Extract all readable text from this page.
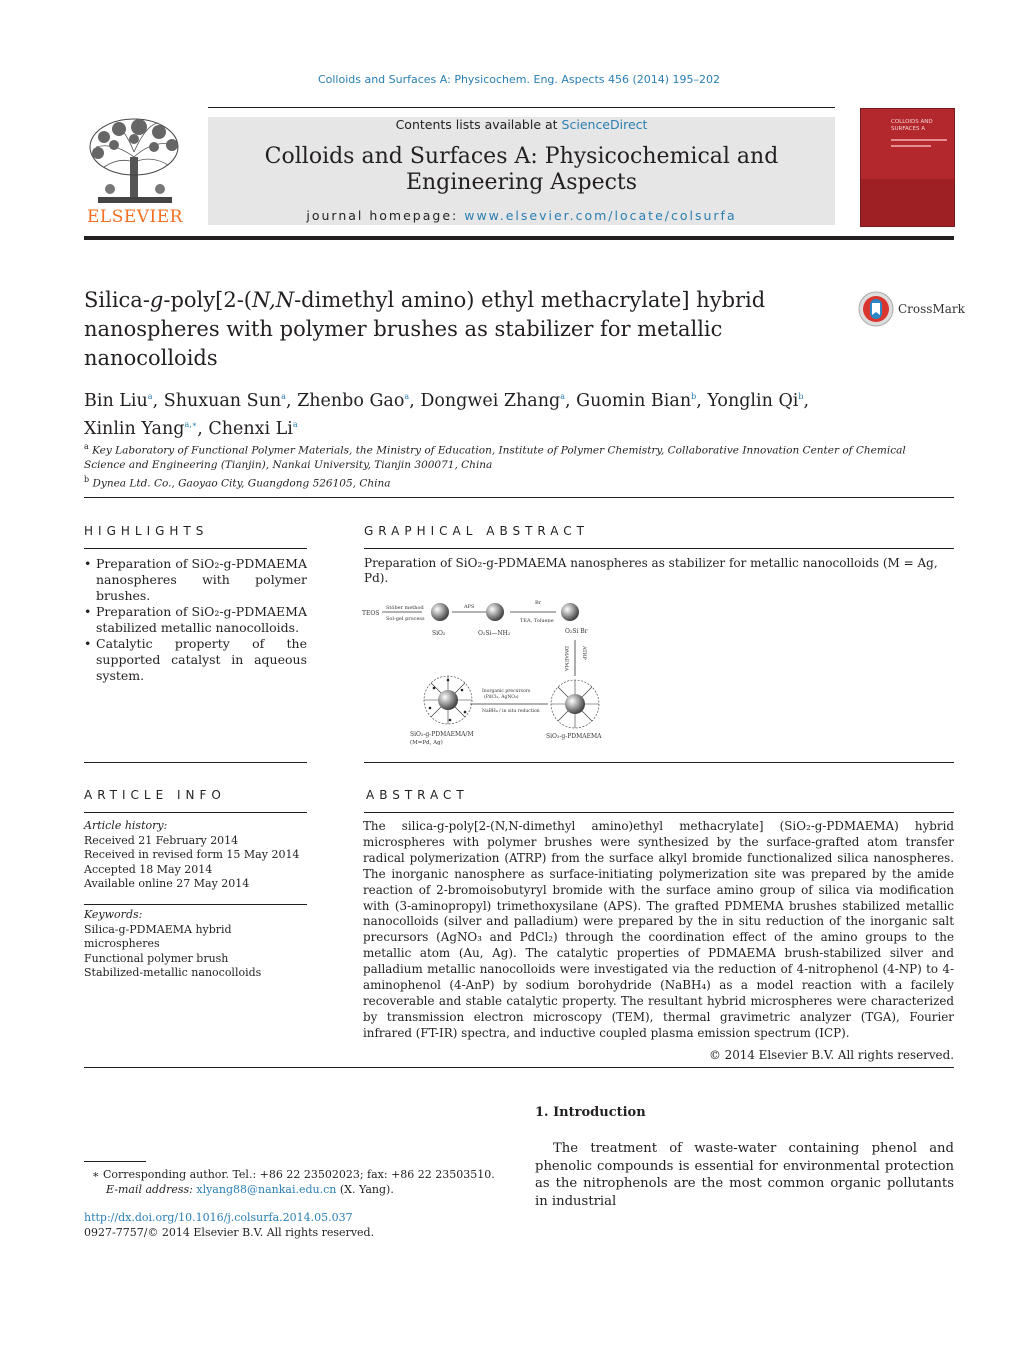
Colloids and Surfaces A: Physicochem. Eng. Aspects 456 (2014) 195–202
ELSEVIER
Contents lists available at ScienceDirect
Colloids and Surfaces A: Physicochemical and
Engineering Aspects
journal homepage: www.elsevier.com/locate/colsurfa
COLLOIDS AND SURFACES A
Silica-g-poly[2-(N,N-dimethyl amino) ethyl methacrylate] hybrid
nanospheres with polymer brushes as stabilizer for metallic
nanocolloids
CrossMark
Bin Liu$^a$, Shuxuan Sun$^a$, Zhenbo Gao$^a$, Dongwei Zhang$^a$, Guomin Bian$^b$, Yonglin Qi$^b$,
Xinlin Yang$^{a,∗}$, Chenxi Li$^a$
$^a$ Key Laboratory of Functional Polymer Materials, the Ministry of Education, Institute of Polymer Chemistry, Collaborative Innovation Center of Chemical
Science and Engineering (Tianjin), Nankai University, Tianjin 300071, China
$^b$ Dynea Ltd. Co., Gaoyao City, Guangdong 526105, China
HIGHLIGHTS
• Preparation of SiO₂-g-PDMAEMA nanospheres with polymer brushes.
• Preparation of SiO₂-g-PDMAEMA stabilized metallic nanocolloids.
• Catalytic property of the supported catalyst in aqueous system.
GRAPHICAL ABSTRACT
Preparation of SiO₂-g-PDMAEMA nanospheres as stabilizer for metallic nanocolloids (M = Ag, Pd).
TEOS
Stöber method
Sol-gel process
SiO₂
APS
O₂Si—NH₂
Br
TEA, Toluene
O₂Si Br
ATRP
DMAEMA
SiO₂-g-PDMAEMA
Inorganic precursors
(PdCl₂, AgNO₃)
NaBH₄ / in situ reduction
SiO₂-g-PDMAEMA/M
(M=Pd, Ag)
ARTICLE INFO
Article history:
Received 21 February 2014
Received in revised form 15 May 2014
Accepted 18 May 2014
Available online 27 May 2014
Keywords:
Silica-g-PDMAEMA hybrid microspheres
Functional polymer brush
Stabilized-metallic nanocolloids
ABSTRACT

The silica-g-poly[2-(N,N-dimethyl amino)ethyl methacrylate] (SiO₂-g-PDMAEMA) hybrid microspheres with polymer brushes were synthesized by the surface-grafted atom transfer radical polymerization (ATRP) from the surface alkyl bromide functionalized silica nanospheres. The inorganic nanosphere as surface-initiating polymerization site was prepared by the amide reaction of 2-bromoisobutyryl bromide with the surface amino group of silica via modification with (3-aminopropyl) trimethoxysilane (APS). The grafted PDMEMA brushes stabilized metallic nanocolloids (silver and palladium) were prepared by the in situ reduction of the inorganic salt precursors (AgNO₃ and PdCl₂) through the coordination effect of the amino groups to the metallic atom (Au, Ag). The catalytic properties of PDMAEMA brush-stabilized silver and palladium metallic nanocolloids were investigated via the reduction of 4-nitrophenol (4-NP) to 4-aminophenol (4-AnP) by sodium borohydride (NaBH₄) as a model reaction with a facilely recoverable and stable catalytic property. The resultant hybrid microspheres were characterized by transmission electron microscopy (TEM), thermal gravimetric analyzer (TGA), Fourier infrared (FT-IR) spectra, and inductive coupled plasma emission spectrum (ICP).

© 2014 Elsevier B.V. All rights reserved.

1. Introduction
The treatment of waste-water containing phenol and phenolic compounds is essential for environmental protection as the nitrophenols are the most common organic pollutants in industrial
∗ Corresponding author. Tel.: +86 22 23502023; fax: +86 22 23503510.
E-mail address: xlyang88@nankai.edu.cn (X. Yang).
http://dx.doi.org/10.1016/j.colsurfa.2014.05.037
0927-7757/© 2014 Elsevier B.V. All rights reserved.
